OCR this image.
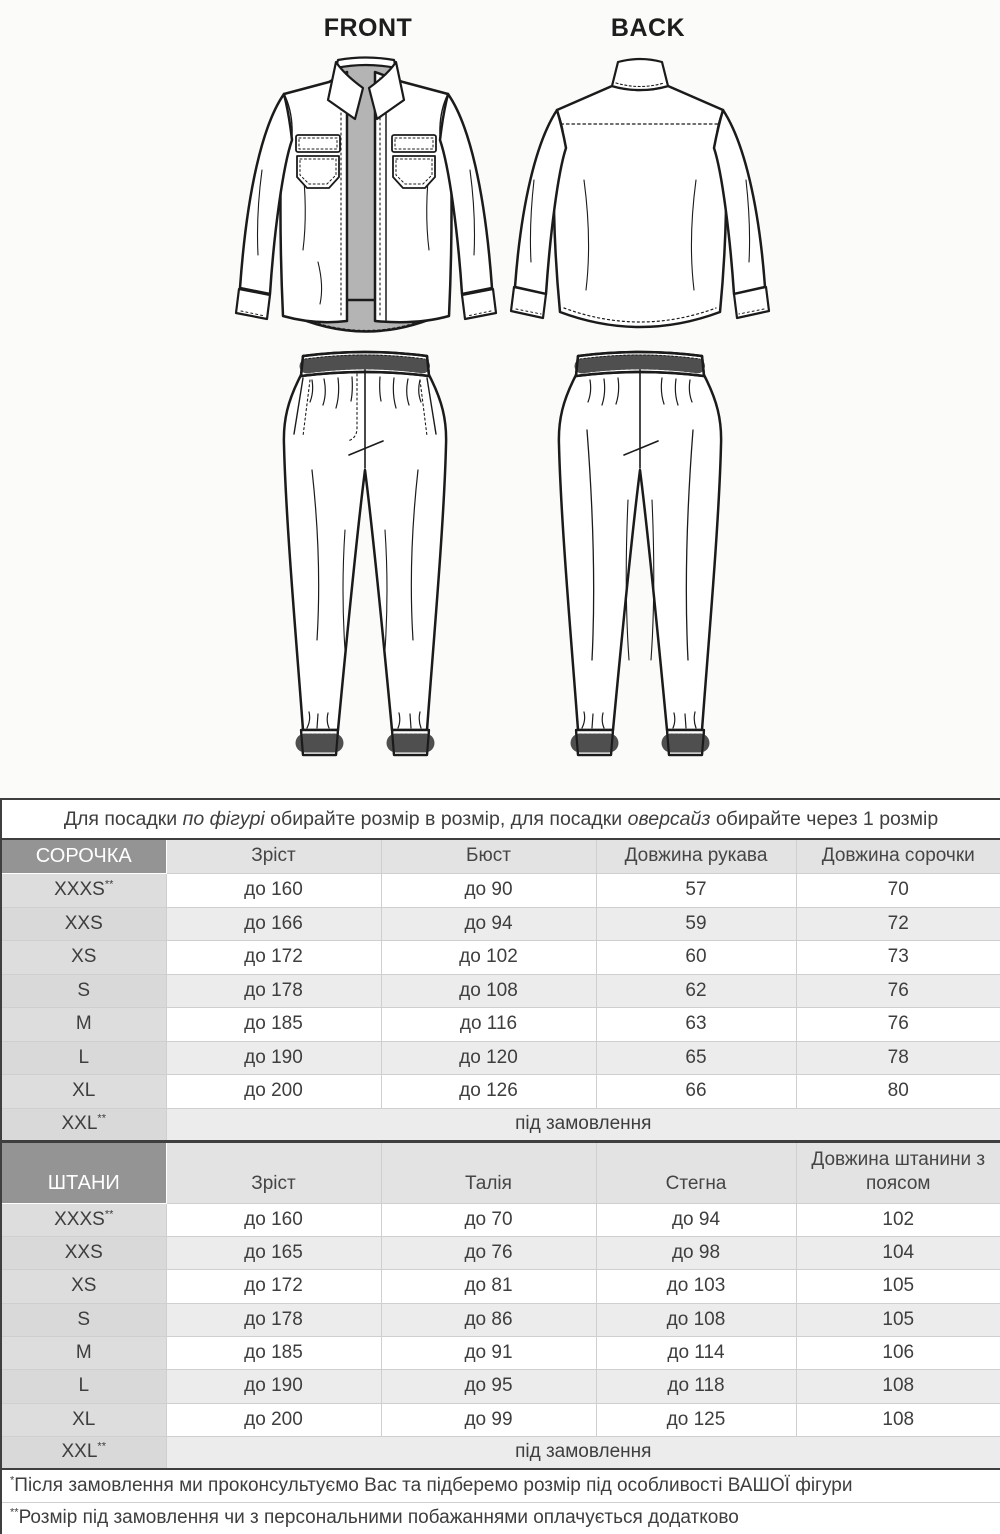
FRONT	BACK
Для посадки по фігурі обирайте розмір в розмір, для посадки оверсайз обирайте через 1 розмір				
СОРОЧКА	Зріст	Бюст	Довжина рукава	Довжина сорочки
XXXS**	до 160	до 90	57	70
XXS	до 166	до 94	59	72
XS	до 172	до 102	60	73
S	до 178	до 108	62	76
M	до 185	до 116	63	76
L	до 190	до 120	65	78
XL	до 200	до 126	66	80
XXL**	під замовлення			
ШТАНИ	Зріст	Талія	Стегна	Довжина штанини з поясом
XXXS**	до 160	до 70	до 94	102
XXS	до 165	до 76	до 98	104
XS	до 172	до 81	до 103	105
S	до 178	до 86	до 108	105
M	до 185	до 91	до 114	106
L	до 190	до 95	до 118	108
XL	до 200	до 99	до 125	108
XXL**	під замовлення			
*Після замовлення ми проконсультуємо Вас та підберемо розмір під особливості ВАШОЇ фігури				
**Розмір під замовлення чи з персональними побажаннями оплачується додатково				
